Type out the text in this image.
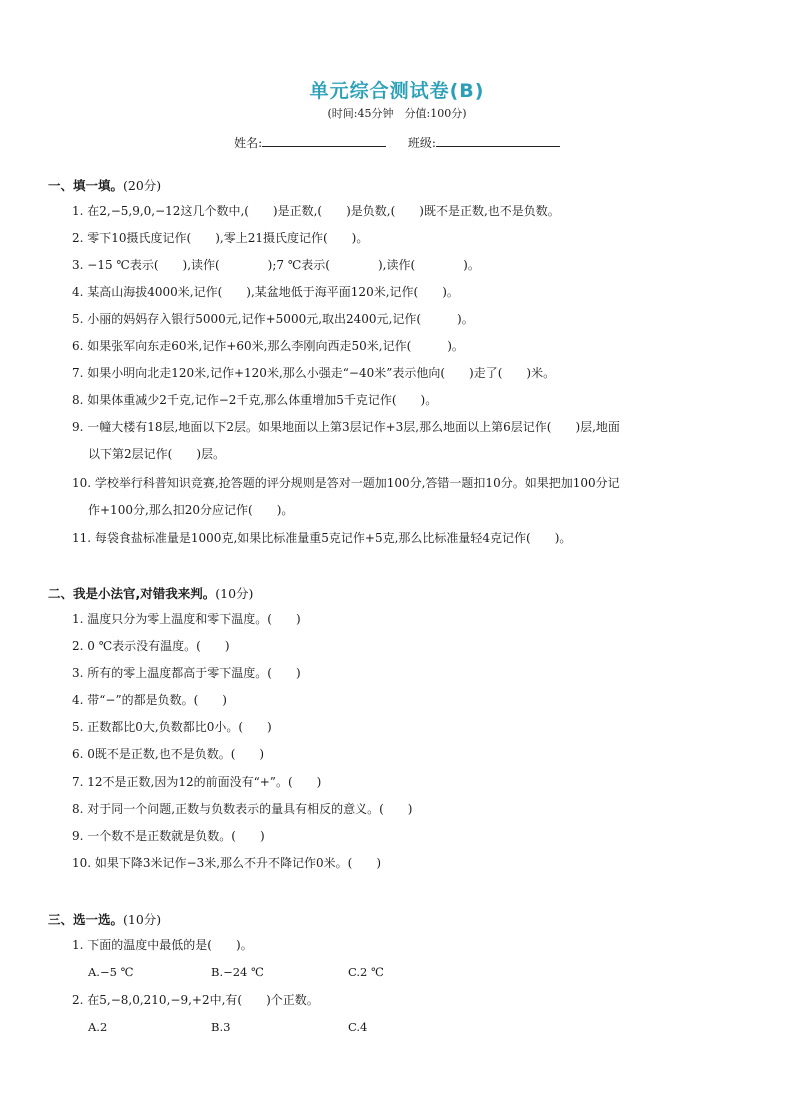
单元综合测试卷(B)
(时间:45分钟　分值:100分)
姓名:	班级:
一、填一填。(20分)
1. 在2,−5,9,0,−12这几个数中,(　　)是正数,(　　)是负数,(　　)既不是正数,也不是负数。
2. 零下10摄氏度记作(　　),零上21摄氏度记作(　　)。
3. −15 ℃表示(　　),读作(　　　　);7 ℃表示(　　　　),读作(　　　　)。
4. 某高山海拔4000米,记作(　　),某盆地低于海平面120米,记作(　　)。
5. 小丽的妈妈存入银行5000元,记作+5000元,取出2400元,记作(　　　)。
6. 如果张军向东走60米,记作+60米,那么李刚向西走50米,记作(　　　)。
7. 如果小明向北走120米,记作+120米,那么小强走“−40米”表示他向(　　)走了(　　)米。
8. 如果体重减少2千克,记作−2千克,那么体重增加5千克记作(　　)。
9. 一幢大楼有18层,地面以下2层。如果地面以上第3层记作+3层,那么地面以上第6层记作(　　)层,地面
以下第2层记作(　　)层。
10. 学校举行科普知识竞赛,抢答题的评分规则是答对一题加100分,答错一题扣10分。如果把加100分记
作+100分,那么扣20分应记作(　　)。
11. 每袋食盐标准量是1000克,如果比标准量重5克记作+5克,那么比标准量轻4克记作(　　)。
二、我是小法官,对错我来判。(10分)
1. 温度只分为零上温度和零下温度。(　　)
2. 0 ℃表示没有温度。(　　)
3. 所有的零上温度都高于零下温度。(　　)
4. 带“−”的都是负数。(　　)
5. 正数都比0大,负数都比0小。(　　)
6. 0既不是正数,也不是负数。(　　)
7. 12不是正数,因为12的前面没有“+”。(　　)
8. 对于同一个问题,正数与负数表示的量具有相反的意义。(　　)
9. 一个数不是正数就是负数。(　　)
10. 如果下降3米记作−3米,那么不升不降记作0米。(　　)
三、选一选。(10分)
1. 下面的温度中最低的是(　　)。
A.−5 ℃	B.−24 ℃	C.2 ℃
2. 在5,−8,0,210,−9,+2中,有(　　)个正数。
A.2	B.3	C.4
